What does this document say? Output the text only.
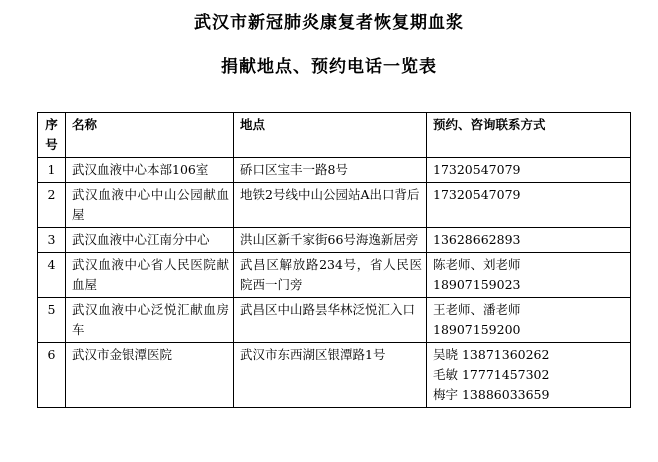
武汉市新冠肺炎康复者恢复期血浆
捐献地点、预约电话一览表
序号	名称	地点	预约、咨询联系方式
1	武汉血液中心本部106室	硚口区宝丰一路8号	17320547079

2	武汉血液中心中山公园献血屋	地铁2号线中山公园站A出口背后	17320547079

3	武汉血液中心江南分中心	洪山区新千家街66号海逸新居旁	13628662893

4	武汉血液中心省人民医院献血屋	武昌区解放路234号，省人民医院西一门旁	陈老师、刘老师
18907159023

5	武汉血液中心泛悦汇献血房车	武昌区中山路昙华林泛悦汇入口	王老师、潘老师
18907159200

6	武汉市金银潭医院	武汉市东西湖区银潭路1号	吴晓 13871360262
毛敏 17771457302
梅宇 13886033659
